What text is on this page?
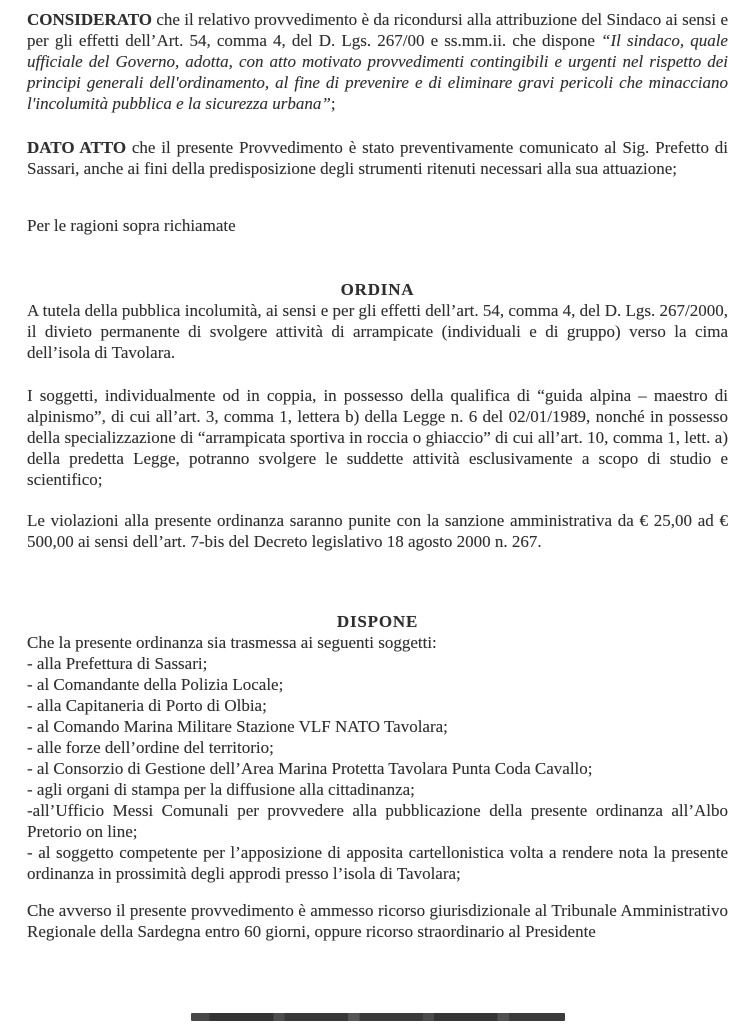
CONSIDERATO che il relativo provvedimento è da ricondursi alla attribuzione del Sindaco ai sensi e per gli effetti dell’Art. 54, comma 4, del D. Lgs. 267/00 e ss.mm.ii. che dispone “Il sindaco, quale ufficiale del Governo, adotta, con atto motivato provvedimenti contingibili e urgenti nel rispetto dei principi generali dell'ordinamento, al fine di prevenire e di eliminare gravi pericoli che minacciano l'incolumità pubblica e la sicurezza urbana”;

DATO ATTO che il presente Provvedimento è stato preventivamente comunicato al Sig. Prefetto di Sassari, anche ai fini della predisposizione degli strumenti ritenuti necessari alla sua attuazione;

Per le ragioni sopra richiamate

ORDINA

A tutela della pubblica incolumità, ai sensi e per gli effetti dell’art. 54, comma 4, del D. Lgs. 267/2000, il divieto permanente di svolgere attività di arrampicate (individuali e di gruppo) verso la cima dell’isola di Tavolara.

I soggetti, individualmente od in coppia, in possesso della qualifica di “guida alpina – maestro di alpinismo”, di cui all’art. 3, comma 1, lettera b) della Legge n. 6 del 02/01/1989, nonché in possesso della specializzazione di “arrampicata sportiva in roccia o ghiaccio” di cui all’art. 10, comma 1, lett. a) della predetta Legge, potranno svolgere le suddette attività esclusivamente a scopo di studio e scientifico;

Le violazioni alla presente ordinanza saranno punite con la sanzione amministrativa da € 25,00 ad € 500,00 ai sensi dell’art. 7-bis del Decreto legislativo 18 agosto 2000 n. 267.

DISPONE

Che la presente ordinanza sia trasmessa ai seguenti soggetti:

- alla Prefettura di Sassari;

- al Comandante della Polizia Locale;

- alla Capitaneria di Porto di Olbia;

- al Comando Marina Militare Stazione VLF NATO Tavolara;

- alle forze dell’ordine del territorio;

- al Consorzio di Gestione dell’Area Marina Protetta Tavolara Punta Coda Cavallo;

- agli organi di stampa per la diffusione alla cittadinanza;

-all’Ufficio Messi Comunali per provvedere alla pubblicazione della presente ordinanza all’Albo Pretorio on line;

- al soggetto competente per l’apposizione di apposita cartellonistica volta a rendere nota la presente ordinanza in prossimità degli approdi presso l’isola di Tavolara;

Che avverso il presente provvedimento è ammesso ricorso giurisdizionale al Tribunale Amministrativo Regionale della Sardegna entro 60 giorni, oppure ricorso straordinario al Presidente
